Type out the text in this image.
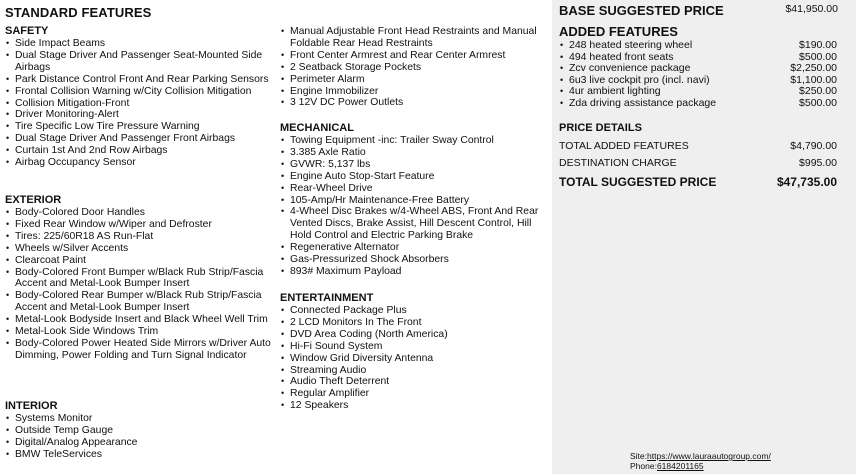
STANDARD FEATURES
SAFETY
• Side Impact Beams
• Dual Stage Driver And Passenger Seat-Mounted Side Airbags
• Park Distance Control Front And Rear Parking Sensors
• Frontal Collision Warning w/City Collision Mitigation
• Collision Mitigation-Front
• Driver Monitoring-Alert
• Tire Specific Low Tire Pressure Warning
• Dual Stage Driver And Passenger Front Airbags
• Curtain 1st And 2nd Row Airbags
• Airbag Occupancy Sensor
EXTERIOR
• Body-Colored Door Handles
• Fixed Rear Window w/Wiper and Defroster
• Tires: 225/60R18 AS Run-Flat
• Wheels w/Silver Accents
• Clearcoat Paint
• Body-Colored Front Bumper w/Black Rub Strip/Fascia Accent and Metal-Look Bumper Insert
• Body-Colored Rear Bumper w/Black Rub Strip/Fascia Accent and Metal-Look Bumper Insert
• Metal-Look Bodyside Insert and Black Wheel Well Trim
• Metal-Look Side Windows Trim
• Body-Colored Power Heated Side Mirrors w/Driver Auto Dimming, Power Folding and Turn Signal Indicator
INTERIOR
• Systems Monitor
• Outside Temp Gauge
• Digital/Analog Appearance
• BMW TeleServices
• Manual Adjustable Front Head Restraints and Manual Foldable Rear Head Restraints
• Front Center Armrest and Rear Center Armrest
• 2 Seatback Storage Pockets
• Perimeter Alarm
• Engine Immobilizer
• 3 12V DC Power Outlets
MECHANICAL
• Towing Equipment -inc: Trailer Sway Control
• 3.385 Axle Ratio
• GVWR: 5,137 lbs
• Engine Auto Stop-Start Feature
• Rear-Wheel Drive
• 105-Amp/Hr Maintenance-Free Battery
• 4-Wheel Disc Brakes w/4-Wheel ABS, Front And Rear Vented Discs, Brake Assist, Hill Descent Control, Hill Hold Control and Electric Parking Brake
• Regenerative Alternator
• Gas-Pressurized Shock Absorbers
• 893# Maximum Payload
ENTERTAINMENT
• Connected Package Plus
• 2 LCD Monitors In The Front
• DVD Area Coding (North America)
• Hi-Fi Sound System
• Window Grid Diversity Antenna
• Streaming Audio
• Audio Theft Deterrent
• Regular Amplifier
• 12 Speakers
BASE SUGGESTED PRICE	$41,950.00
ADDED FEATURES
• 248 heated steering wheel	$190.00
• 494 heated front seats	$500.00
• Zcv convenience package	$2,250.00
• 6u3 live cockpit pro (incl. navi)	$1,100.00
• 4ur ambient lighting	$250.00
• Zda driving assistance package	$500.00
PRICE DETAILS
TOTAL ADDED FEATURES	$4,790.00
DESTINATION CHARGE	$995.00
TOTAL SUGGESTED PRICE	$47,735.00
Site:https://www.lauraautogroup.com/
Phone:6184201165
